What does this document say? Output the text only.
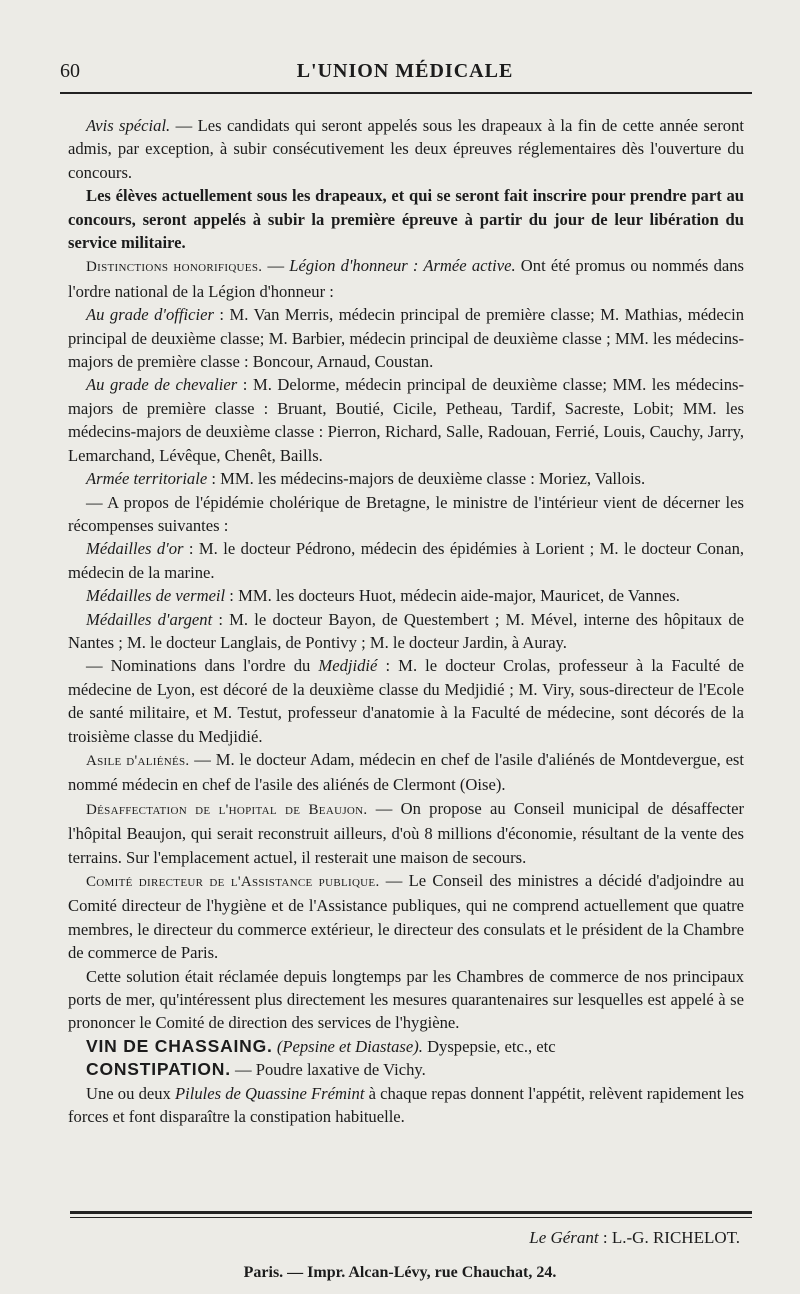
60	L'UNION MÉDICALE

Avis spécial. — Les candidats qui seront appelés sous les drapeaux à la fin de cette année seront admis, par exception, à subir consécutivement les deux épreuves réglementaires dès l'ouverture du concours.

Les élèves actuellement sous les drapeaux, et qui se seront fait inscrire pour prendre part au concours, seront appelés à subir la première épreuve à partir du jour de leur libération du service militaire.

Distinctions honorifiques. — Légion d'honneur : Armée active. Ont été promus ou nommés dans l'ordre national de la Légion d'honneur :

Au grade d'officier : M. Van Merris, médecin principal de première classe; M. Mathias, médecin principal de deuxième classe; M. Barbier, médecin principal de deuxième classe ; MM. les médecins-majors de première classe : Boncour, Arnaud, Coustan.

Au grade de chevalier : M. Delorme, médecin principal de deuxième classe; MM. les médecins-majors de première classe : Bruant, Boutié, Cicile, Petheau, Tardif, Sacreste, Lobit; MM. les médecins-majors de deuxième classe : Pierron, Richard, Salle, Radouan, Ferrié, Louis, Cauchy, Jarry, Lemarchand, Lévêque, Chenêt, Baills.

Armée territoriale : MM. les médecins-majors de deuxième classe : Moriez, Vallois.

— A propos de l'épidémie cholérique de Bretagne, le ministre de l'intérieur vient de décerner les récompenses suivantes :

Médailles d'or : M. le docteur Pédrono, médecin des épidémies à Lorient ; M. le docteur Conan, médecin de la marine.

Médailles de vermeil : MM. les docteurs Huot, médecin aide-major, Mauricet, de Vannes.

Médailles d'argent : M. le docteur Bayon, de Questembert ; M. Mével, interne des hôpitaux de Nantes ; M. le docteur Langlais, de Pontivy ; M. le docteur Jardin, à Auray.

— Nominations dans l'ordre du Medjidié : M. le docteur Crolas, professeur à la Faculté de médecine de Lyon, est décoré de la deuxième classe du Medjidié ; M. Viry, sous-directeur de l'Ecole de santé militaire, et M. Testut, professeur d'anatomie à la Faculté de médecine, sont décorés de la troisième classe du Medjidié.

Asile d'aliénés. — M. le docteur Adam, médecin en chef de l'asile d'aliénés de Montdevergue, est nommé médecin en chef de l'asile des aliénés de Clermont (Oise).

Désaffectation de l'hopital de Beaujon. — On propose au Conseil municipal de désaffecter l'hôpital Beaujon, qui serait reconstruit ailleurs, d'où 8 millions d'économie, résultant de la vente des terrains. Sur l'emplacement actuel, il resterait une maison de secours.

Comité directeur de l'Assistance publique. — Le Conseil des ministres a décidé d'adjoindre au Comité directeur de l'hygiène et de l'Assistance publiques, qui ne comprend actuellement que quatre membres, le directeur du commerce extérieur, le directeur des consulats et le président de la Chambre de commerce de Paris.

Cette solution était réclamée depuis longtemps par les Chambres de commerce de nos principaux ports de mer, qu'intéressent plus directement les mesures quarantenaires sur lesquelles est appelé à se prononcer le Comité de direction des services de l'hygiène.

VIN DE CHASSAING. (Pepsine et Diastase). Dyspepsie, etc., etc

CONSTIPATION. — Poudre laxative de Vichy.

Une ou deux Pilules de Quassine Frémint à chaque repas donnent l'appétit, relèvent rapidement les forces et font disparaître la constipation habituelle.

Le Gérant : L.-G. RICHELOT.
Paris. — Impr. Alcan-Lévy, rue Chauchat, 24.
